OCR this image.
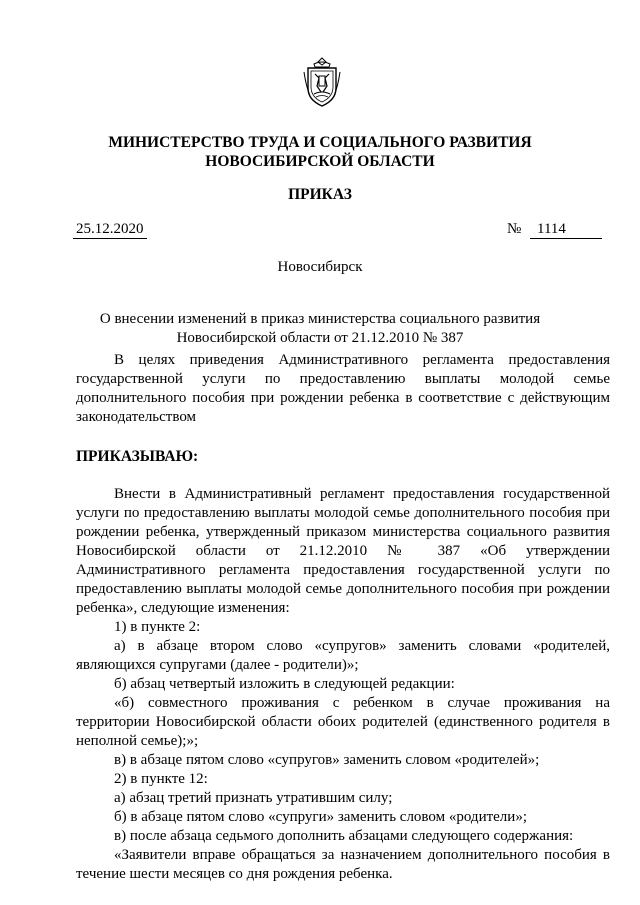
МИНИСТЕРСТВО ТРУДА И СОЦИАЛЬНОГО РАЗВИТИЯ
НОВОСИБИРСКОЙ ОБЛАСТИ
ПРИКАЗ
25.12.2020	№ 1114
Новосибирск
О внесении изменений в приказ министерства социального развития
Новосибирской области от 21.12.2010 № 387
В целях приведения Административного регламента предоставления
государственной услуги по предоставлению выплаты молодой семье
дополнительного пособия при рождении ребенка в соответствие с действующим
законодательством
ПРИКАЗЫВАЮ:
Внести в Административный регламент предоставления государственной
услуги по предоставлению выплаты молодой семье дополнительного пособия при
рождении ребенка, утвержденный приказом министерства социального развития
Новосибирской области от 21.12.2010 № 387 «Об утверждении
Административного регламента предоставления государственной услуги по
предоставлению выплаты молодой семье дополнительного пособия при рождении
ребенка», следующие изменения:
1) в пункте 2:
а) в абзаце втором слово «супругов» заменить словами «родителей,
являющихся супругами (далее - родители)»;
б) абзац четвертый изложить в следующей редакции:
«б) совместного проживания с ребенком в случае проживания на
территории Новосибирской области обоих родителей (единственного родителя в
неполной семье);»;
в) в абзаце пятом слово «супругов» заменить словом «родителей»;
2) в пункте 12:
а) абзац третий признать утратившим силу;
б) в абзаце пятом слово «супруги» заменить словом «родители»;
в) после абзаца седьмого дополнить абзацами следующего содержания:
«Заявители вправе обращаться за назначением дополнительного пособия в
течение шести месяцев со дня рождения ребенка.
